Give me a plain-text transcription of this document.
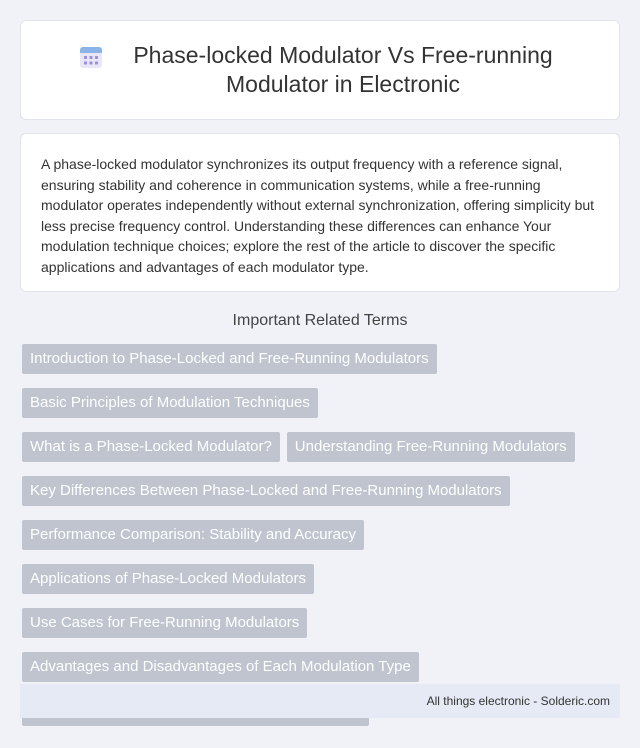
Phase-locked Modulator Vs Free-running Modulator in Electronic

A phase-locked modulator synchronizes its output frequency with a reference signal, ensuring stability and coherence in communication systems, while a free-running modulator operates independently without external synchronization, offering simplicity but less precise frequency control. Understanding these differences can enhance Your modulation technique choices; explore the rest of the article to discover the specific applications and advantages of each modulator type.

Important Related Terms
Introduction to Phase-Locked and Free-Running Modulators
Basic Principles of Modulation Techniques
What is a Phase-Locked Modulator?	Understanding Free-Running Modulators
Key Differences Between Phase-Locked and Free-Running Modulators
Performance Comparison: Stability and Accuracy
Applications of Phase-Locked Modulators
Use Cases for Free-Running Modulators
Advantages and Disadvantages of Each Modulation Type
All things electronic - Solderic.com
